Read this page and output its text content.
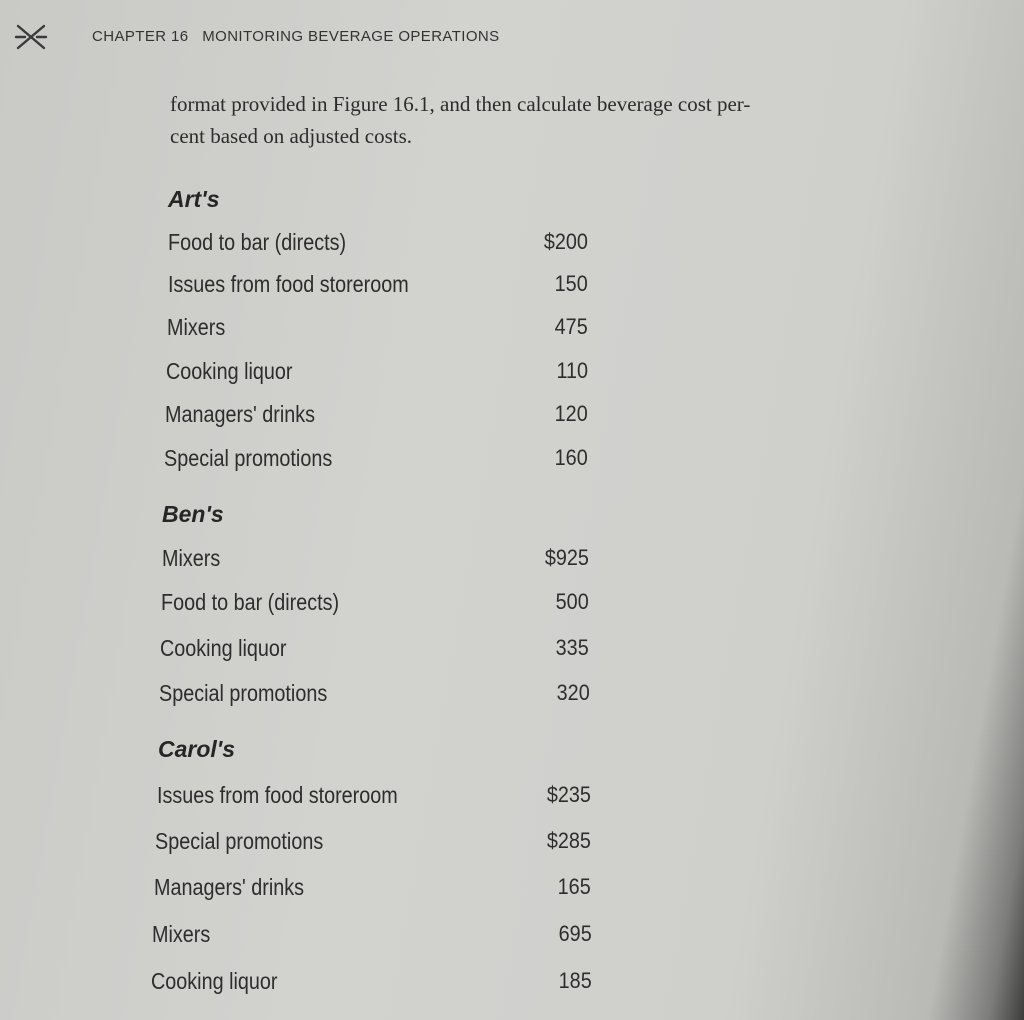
CHAPTER 16 MONITORING BEVERAGE OPERATIONS
format provided in Figure 16.1, and then calculate beverage cost per-
cent based on adjusted costs.
Art's
Food to bar (directs)	$200
Issues from food storeroom	150
Mixers	475
Cooking liquor	110
Managers' drinks	120
Special promotions	160
Ben's
Mixers	$925
Food to bar (directs)	500
Cooking liquor	335
Special promotions	320
Carol's
Issues from food storeroom	$235
Special promotions	$285
Managers' drinks	165
Mixers	695
Cooking liquor	185
